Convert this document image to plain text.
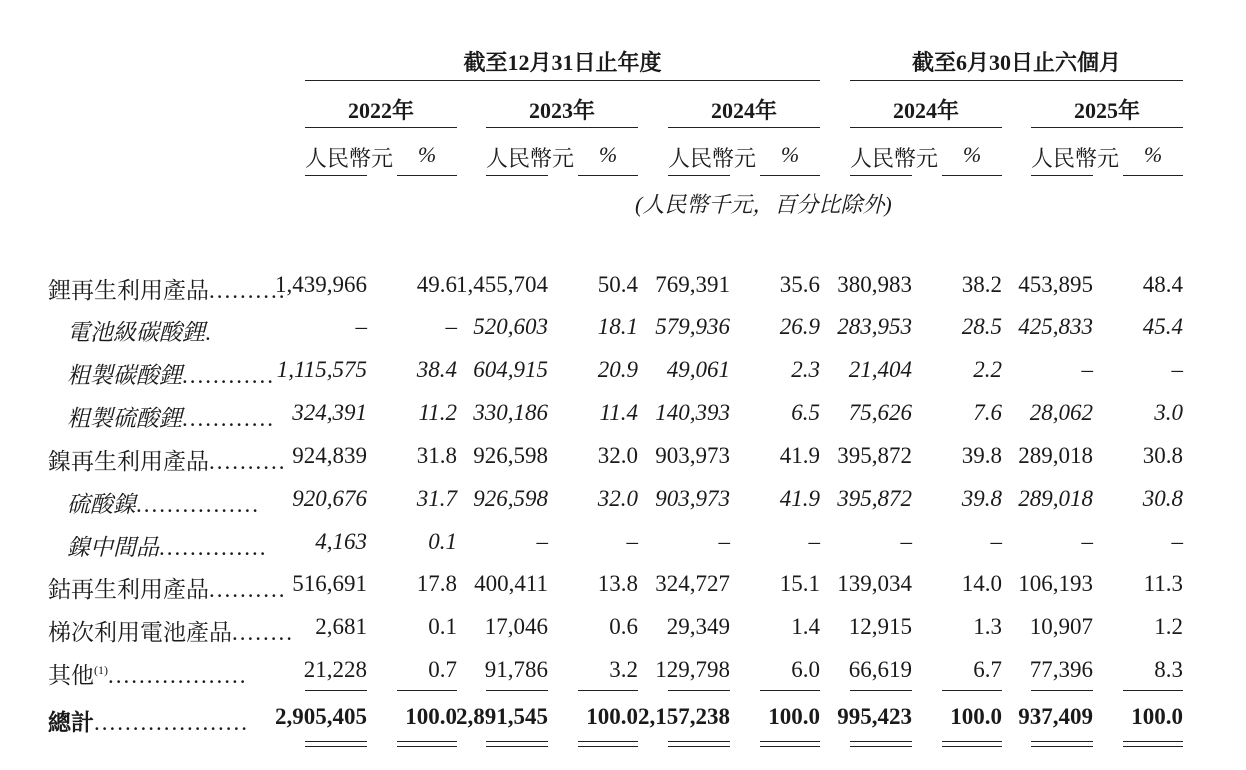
截至12月31日止年度	截至6月30日止六個月
2022年	2023年	2024年	2024年	2025年
人民幣元	%	人民幣元	%	人民幣元	%	人民幣元	%	人民幣元	%
(人民幣千元，百分比除外)
鋰再生利用產品..........
1,439,966 49.6 1,455,704 50.4 769,391 35.6 380,983 38.2 453,895 48.4
電池級碳酸鋰.	–	– 520,603 18.1 579,936 26.9 283,953 28.5 425,833 45.4
粗製碳酸鋰............ 1,115,575 38.4 604,915 20.9 49,061	2.3 21,404	2.2	–	–
粗製硫酸鋰............ 324,391 11.2 330,186 11.4 140,393	6.5 75,626	7.6 28,062	3.0
鎳再生利用產品.......... 924,839 31.8 926,598 32.0 903,973 41.9 395,872 39.8 289,018 30.8
硫酸鎳................ 920,676 31.7 926,598 32.0 903,973 41.9 395,872 39.8 289,018 30.8
鎳中間品.............. 4,163	0.1	–	–	–	–	–	–	–	–
鈷再生利用產品.......... 516,691 17.8 400,411 13.8 324,727 15.1 139,034 14.0 106,193 11.3
梯次利用電池產品........ 2,681	0.1 17,046	0.6 29,349	1.4 12,915	1.3 10,907	1.2
其他$^{(1)}$.................. 21,228	0.7 91,786	3.2 129,798	6.0 66,619	6.7 77,396	8.3
總計.................... 2,905,405 100.0 2,891,545 100.0 2,157,238 100.0 995,423 100.0 937,409 100.0
